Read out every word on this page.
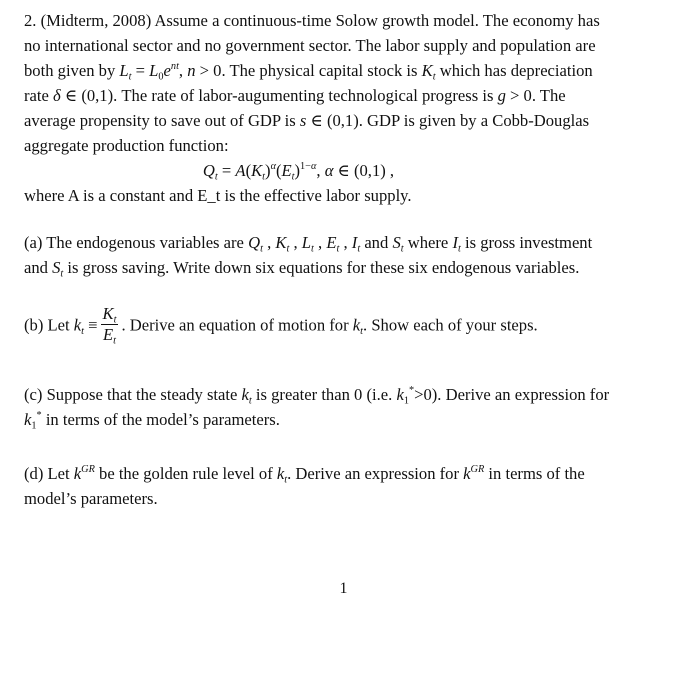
2. (Midterm, 2008) Assume a continuous-time Solow growth model. The economy has
no international sector and no government sector. The labor supply and population are
both given by $L_t = L_0e^{nt}$, n > 0. The physical capital stock is $K_t$ which has depreciation
rate δ ∈ (0,1). The rate of labor-augumenting technological progress is g > 0. The
average propensity to save out of GDP is s ∈ (0,1). GDP is given by a Cobb-Douglas
aggregate production function:
$Q_t = A(K_t)^\alpha(E_t)^{1-\alpha}$, α ∈ (0,1) ,
where A is a constant and E_t is the effective labor supply.
(a) The endogenous variables are $Q_t$ , $K_t$ , $L_t$ , $E_t$ , $I_t$ and $S_t$ where $I_t$ is gross investment
and $S_t$ is gross saving. Write down six equations for these six endogenous variables.
(b) Let $k_t \equiv \frac{K_t}{E_t}$ . Derive an equation of motion for $k_t$. Show each of your steps.
(c) Suppose that the steady state $k_t$ is greater than 0 (i.e. $k_1^*>0$). Derive an expression for
$k_1^*$ in terms of the model’s parameters.
(d) Let $k^{GR}$ be the golden rule level of $k_t$. Derive an expression for $k^{GR}$ in terms of the
model’s parameters.
1
